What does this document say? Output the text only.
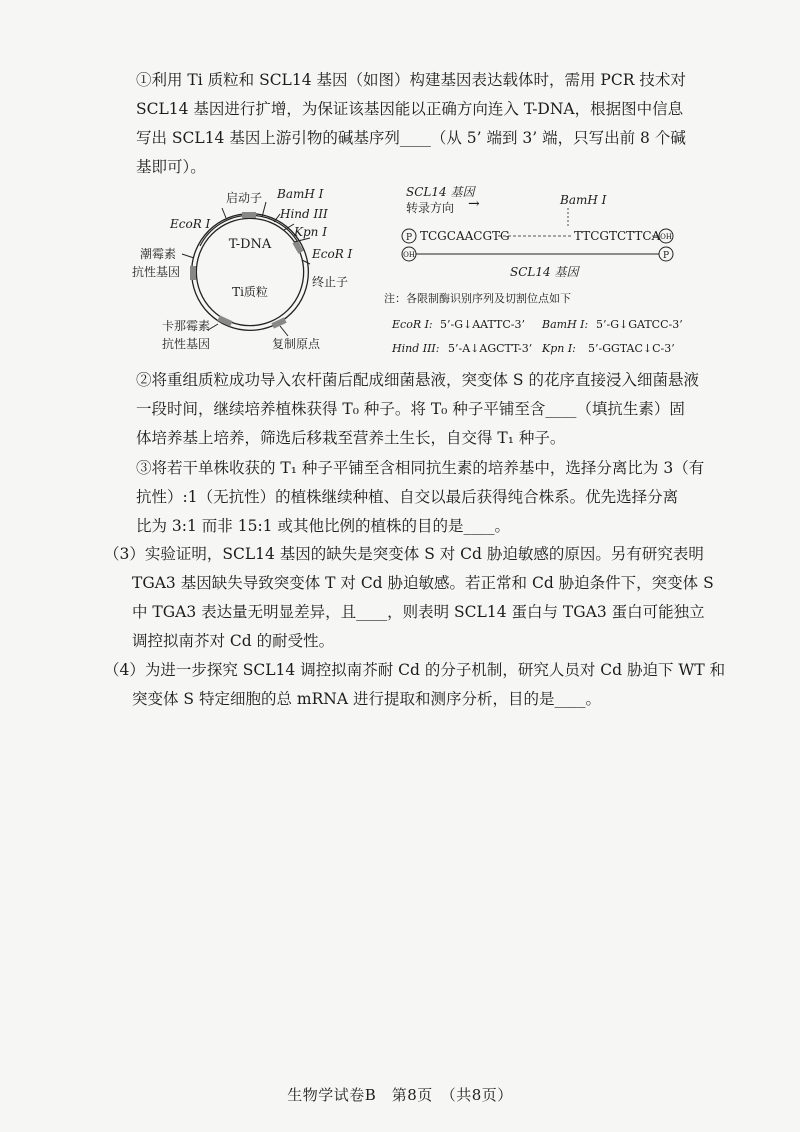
①利用 Ti 质粒和 SCL14 基因（如图）构建基因表达载体时，需用 PCR 技术对
SCL14 基因进行扩增，为保证该基因能以正确方向连入 T-DNA，根据图中信息
写出 SCL14 基因上游引物的碱基序列____（从 5’ 端到 3’ 端，只写出前 8 个碱
基即可）。
T-DNA
Ti质粒
启动子 BamH I
Hind III
Kpn I
EcoR I
终止子
EcoR I
潮霉素
抗性基因
卡那霉素
抗性基因	复制原点
SCL14 基因
转录方向 →	BamH I
P TCGCAACGTG	TTCGTCTTCA OH
OH	P
SCL14 基因
注：各限制酶识别序列及切割位点如下
EcoR I: 5’-G↓AATTC-3’ BamH I: 5’-G↓GATCC-3’
Hind III: 5’-A↓AGCTT-3’ Kpn I: 5’-GGTAC↓C-3’
②将重组质粒成功导入农杆菌后配成细菌悬液，突变体 S 的花序直接浸入细菌悬液
一段时间，继续培养植株获得 T₀ 种子。将 T₀ 种子平铺至含____（填抗生素）固
体培养基上培养，筛选后移栽至营养土生长，自交得 T₁ 种子。
③将若干单株收获的 T₁ 种子平铺至含相同抗生素的培养基中，选择分离比为 3（有
抗性）:1（无抗性）的植株继续种植、自交以最后获得纯合株系。优先选择分离
比为 3:1 而非 15:1 或其他比例的植株的目的是____。
（3）实验证明，SCL14 基因的缺失是突变体 S 对 Cd 胁迫敏感的原因。另有研究表明
TGA3 基因缺失导致突变体 T 对 Cd 胁迫敏感。若正常和 Cd 胁迫条件下，突变体 S
中 TGA3 表达量无明显差异，且____，则表明 SCL14 蛋白与 TGA3 蛋白可能独立
调控拟南芥对 Cd 的耐受性。
（4）为进一步探究 SCL14 调控拟南芥耐 Cd 的分子机制，研究人员对 Cd 胁迫下 WT 和
突变体 S 特定细胞的总 mRNA 进行提取和测序分析，目的是____。
生物学试卷B　第8页　（共8页）
